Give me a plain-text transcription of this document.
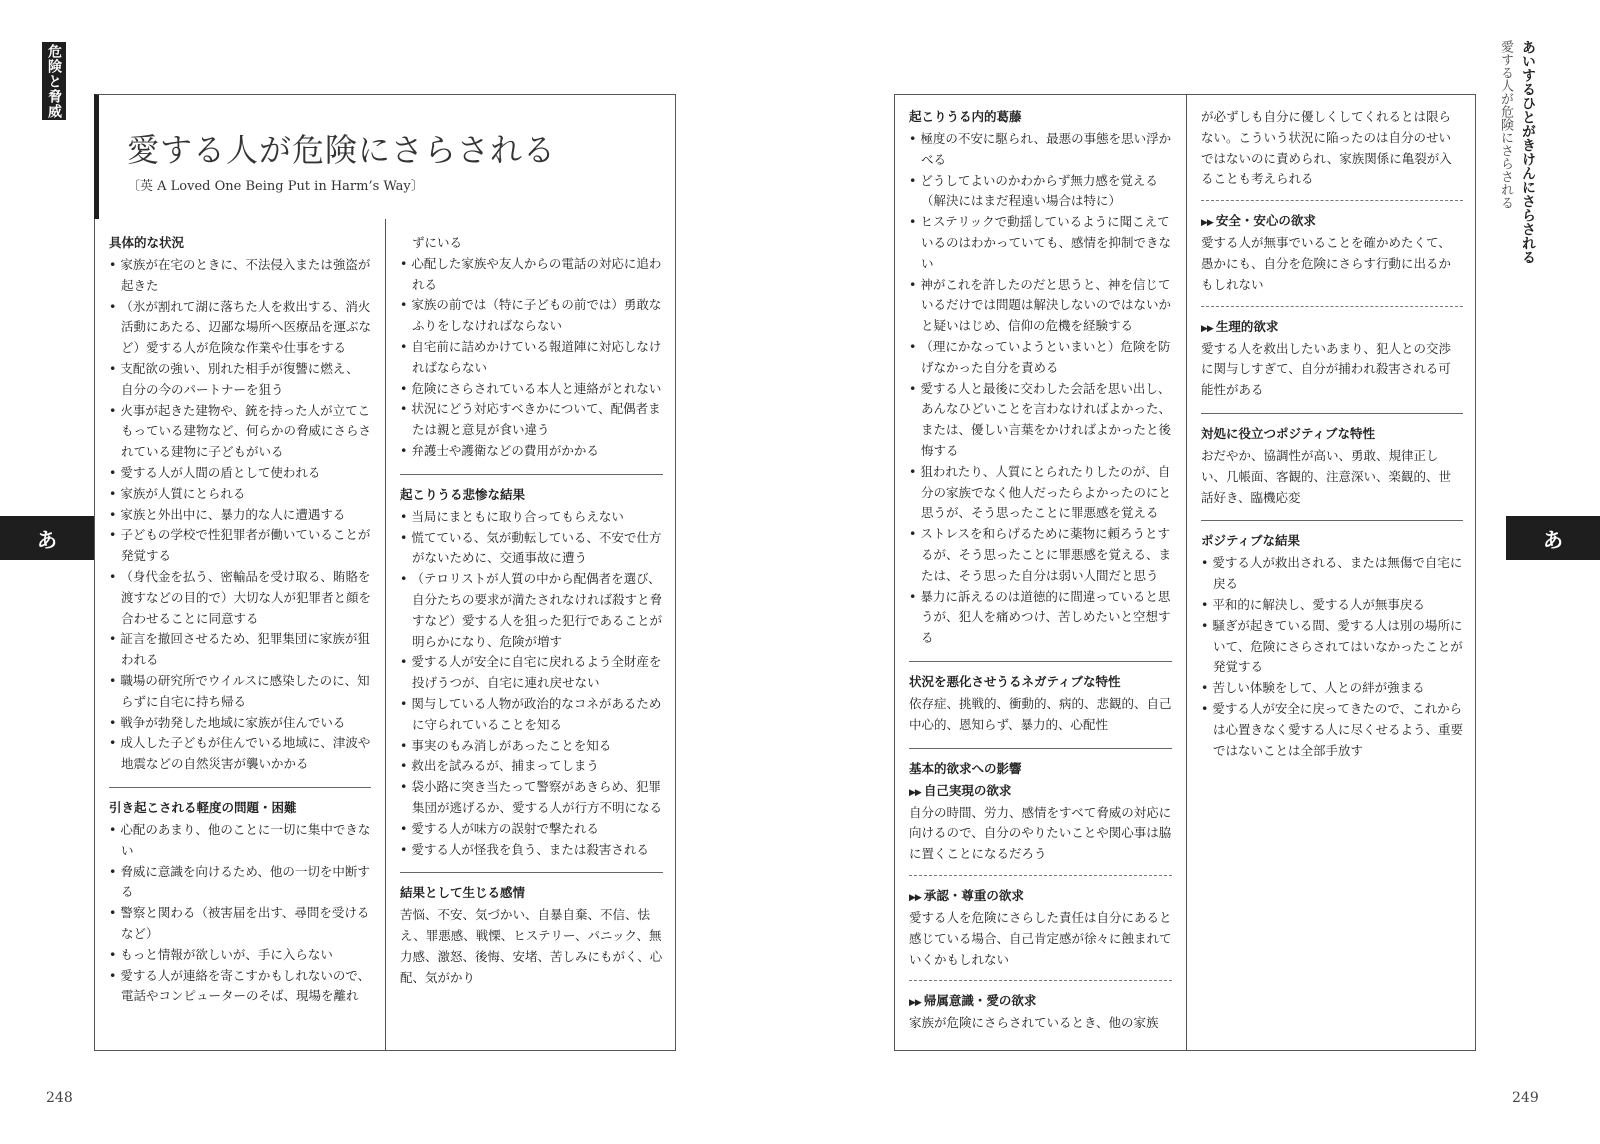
危険と脅威
あ
愛する人が危険にさらされる
〔英 A Loved One Being Put in Harm’s Way〕
具体的な状況
• 家族が在宅のときに、不法侵入または強盗が起きた
• （氷が割れて湖に落ちた人を救出する、消火活動にあたる、辺鄙な場所へ医療品を運ぶなど）愛する人が危険な作業や仕事をする
• 支配欲の強い、別れた相手が復讐に燃え、自分の今のパートナーを狙う
• 火事が起きた建物や、銃を持った人が立てこもっている建物など、何らかの脅威にさらされている建物に子どもがいる
• 愛する人が人間の盾として使われる
• 家族が人質にとられる
• 家族と外出中に、暴力的な人に遭遇する
• 子どもの学校で性犯罪者が働いていることが発覚する
• （身代金を払う、密輸品を受け取る、賄賂を渡すなどの目的で）大切な人が犯罪者と顔を合わせることに同意する
• 証言を撤回させるため、犯罪集団に家族が狙われる
• 職場の研究所でウイルスに感染したのに、知らずに自宅に持ち帰る
• 戦争が勃発した地域に家族が住んでいる
• 成人した子どもが住んでいる地域に、津波や地震などの自然災害が襲いかかる
引き起こされる軽度の問題・困難
• 心配のあまり、他のことに一切に集中できない
• 脅威に意識を向けるため、他の一切を中断する
• 警察と関わる（被害届を出す、尋問を受けるなど）
• もっと情報が欲しいが、手に入らない
• 愛する人が連絡を寄こすかもしれないので、電話やコンピューターのそば、現場を離れ

ずにいる

• 心配した家族や友人からの電話の対応に追われる
• 家族の前では（特に子どもの前では）勇敢なふりをしなければならない
• 自宅前に詰めかけている報道陣に対応しなければならない
• 危険にさらされている本人と連絡がとれない
• 状況にどう対応すべきかについて、配偶者または親と意見が食い違う
• 弁護士や護衛などの費用がかかる
起こりうる悲惨な結果
• 当局にまともに取り合ってもらえない
• 慌てている、気が動転している、不安で仕方がないために、交通事故に遭う
• （テロリストが人質の中から配偶者を選び、自分たちの要求が満たされなければ殺すと脅すなど）愛する人を狙った犯行であることが明らかになり、危険が増す
• 愛する人が安全に自宅に戻れるよう全財産を投げうつが、自宅に連れ戻せない
• 関与している人物が政治的なコネがあるために守られていることを知る
• 事実のもみ消しがあったことを知る
• 救出を試みるが、捕まってしまう
• 袋小路に突き当たって警察があきらめ、犯罪集団が逃げるか、愛する人が行方不明になる
• 愛する人が味方の誤射で撃たれる
• 愛する人が怪我を負う、または殺害される
結果として生じる感情

苦悩、不安、気づかい、自暴自棄、不信、怯え、罪悪感、戦慄、ヒステリー、パニック、無力感、激怒、後悔、安堵、苦しみにもがく、心配、気がかり

248
あいするひとがきけんにさらされる
愛する人が危険にさらされる
あ
起こりうる内的葛藤
• 極度の不安に駆られ、最悪の事態を思い浮かべる
• どうしてよいのかわからず無力感を覚える（解決にはまだ程遠い場合は特に）
• ヒステリックで動揺しているように聞こえているのはわかっていても、感情を抑制できない
• 神がこれを許したのだと思うと、神を信じているだけでは問題は解決しないのではないかと疑いはじめ、信仰の危機を経験する
• （理にかなっていようといまいと）危険を防げなかった自分を責める
• 愛する人と最後に交わした会話を思い出し、あんなひどいことを言わなければよかった、または、優しい言葉をかければよかったと後悔する
• 狙われたり、人質にとられたりしたのが、自分の家族でなく他人だったらよかったのにと思うが、そう思ったことに罪悪感を覚える
• ストレスを和らげるために薬物に頼ろうとするが、そう思ったことに罪悪感を覚える、または、そう思った自分は弱い人間だと思う
• 暴力に訴えるのは道徳的に間違っていると思うが、犯人を痛めつけ、苦しめたいと空想する
状況を悪化させうるネガティブな特性

依存症、挑戦的、衝動的、病的、悲観的、自己中心的、恩知らず、暴力的、心配性

基本的欲求への影響
▶▶ 自己実現の欲求

自分の時間、労力、感情をすべて脅威の対応に向けるので、自分のやりたいことや関心事は脇に置くことになるだろう

▶▶ 承認・尊重の欲求

愛する人を危険にさらした責任は自分にあると感じている場合、自己肯定感が徐々に蝕まれていくかもしれない

▶▶ 帰属意識・愛の欲求

家族が危険にさらされているとき、他の家族

が必ずしも自分に優しくしてくれるとは限らない。こういう状況に陥ったのは自分のせいではないのに責められ、家族関係に亀裂が入ることも考えられる

▶▶ 安全・安心の欲求

愛する人が無事でいることを確かめたくて、愚かにも、自分を危険にさらす行動に出るかもしれない

▶▶ 生理的欲求

愛する人を救出したいあまり、犯人との交渉に関与しすぎて、自分が捕われ殺害される可能性がある

対処に役立つポジティブな特性

おだやか、協調性が高い、勇敢、規律正しい、几帳面、客観的、注意深い、楽観的、世話好き、臨機応変

ポジティブな結果
• 愛する人が救出される、または無傷で自宅に戻る
• 平和的に解決し、愛する人が無事戻る
• 騒ぎが起きている間、愛する人は別の場所にいて、危険にさらされてはいなかったことが発覚する
• 苦しい体験をして、人との絆が強まる
• 愛する人が安全に戻ってきたので、これからは心置きなく愛する人に尽くせるよう、重要ではないことは全部手放す
249
